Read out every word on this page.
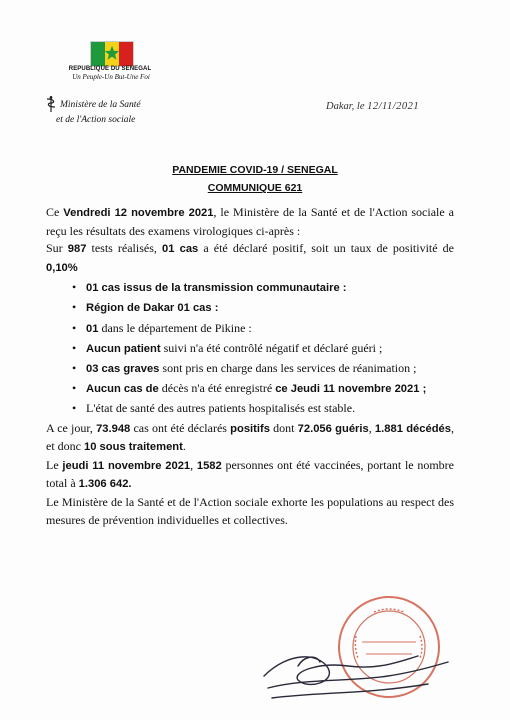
REPUBLIQUE DU SENEGAL
Un Peuple-Un But-Une Foi
Ministère de la Santé
et de l'Action sociale
Dakar, le 12/11/2021
PANDEMIE COVID-19 / SENEGAL
COMMUNIQUE 621

Ce Vendredi 12 novembre 2021, le Ministère de la Santé et de l'Action sociale a reçu les résultats des examens virologiques ci-après :

Sur 987 tests réalisés, 01 cas a été déclaré positif, soit un taux de positivité de 0,10%

• 01 cas issus de la transmission communautaire :
• Région de Dakar 01 cas :
• 01 dans le département de Pikine :
• Aucun patient suivi n'a été contrôlé négatif et déclaré guéri ;
• 03 cas graves sont pris en charge dans les services de réanimation ;
• Aucun cas de décès n'a été enregistré ce Jeudi 11 novembre 2021 ;
• L'état de santé des autres patients hospitalisés est stable.

A ce jour, 73.948 cas ont été déclarés positifs dont 72.056 guéris, 1.881 décédés, et donc 10 sous traitement.

Le jeudi 11 novembre 2021, 1582 personnes ont été vaccinées, portant le nombre total à 1.306 642.

Le Ministère de la Santé et de l'Action sociale exhorte les populations au respect des mesures de prévention individuelles et collectives.
